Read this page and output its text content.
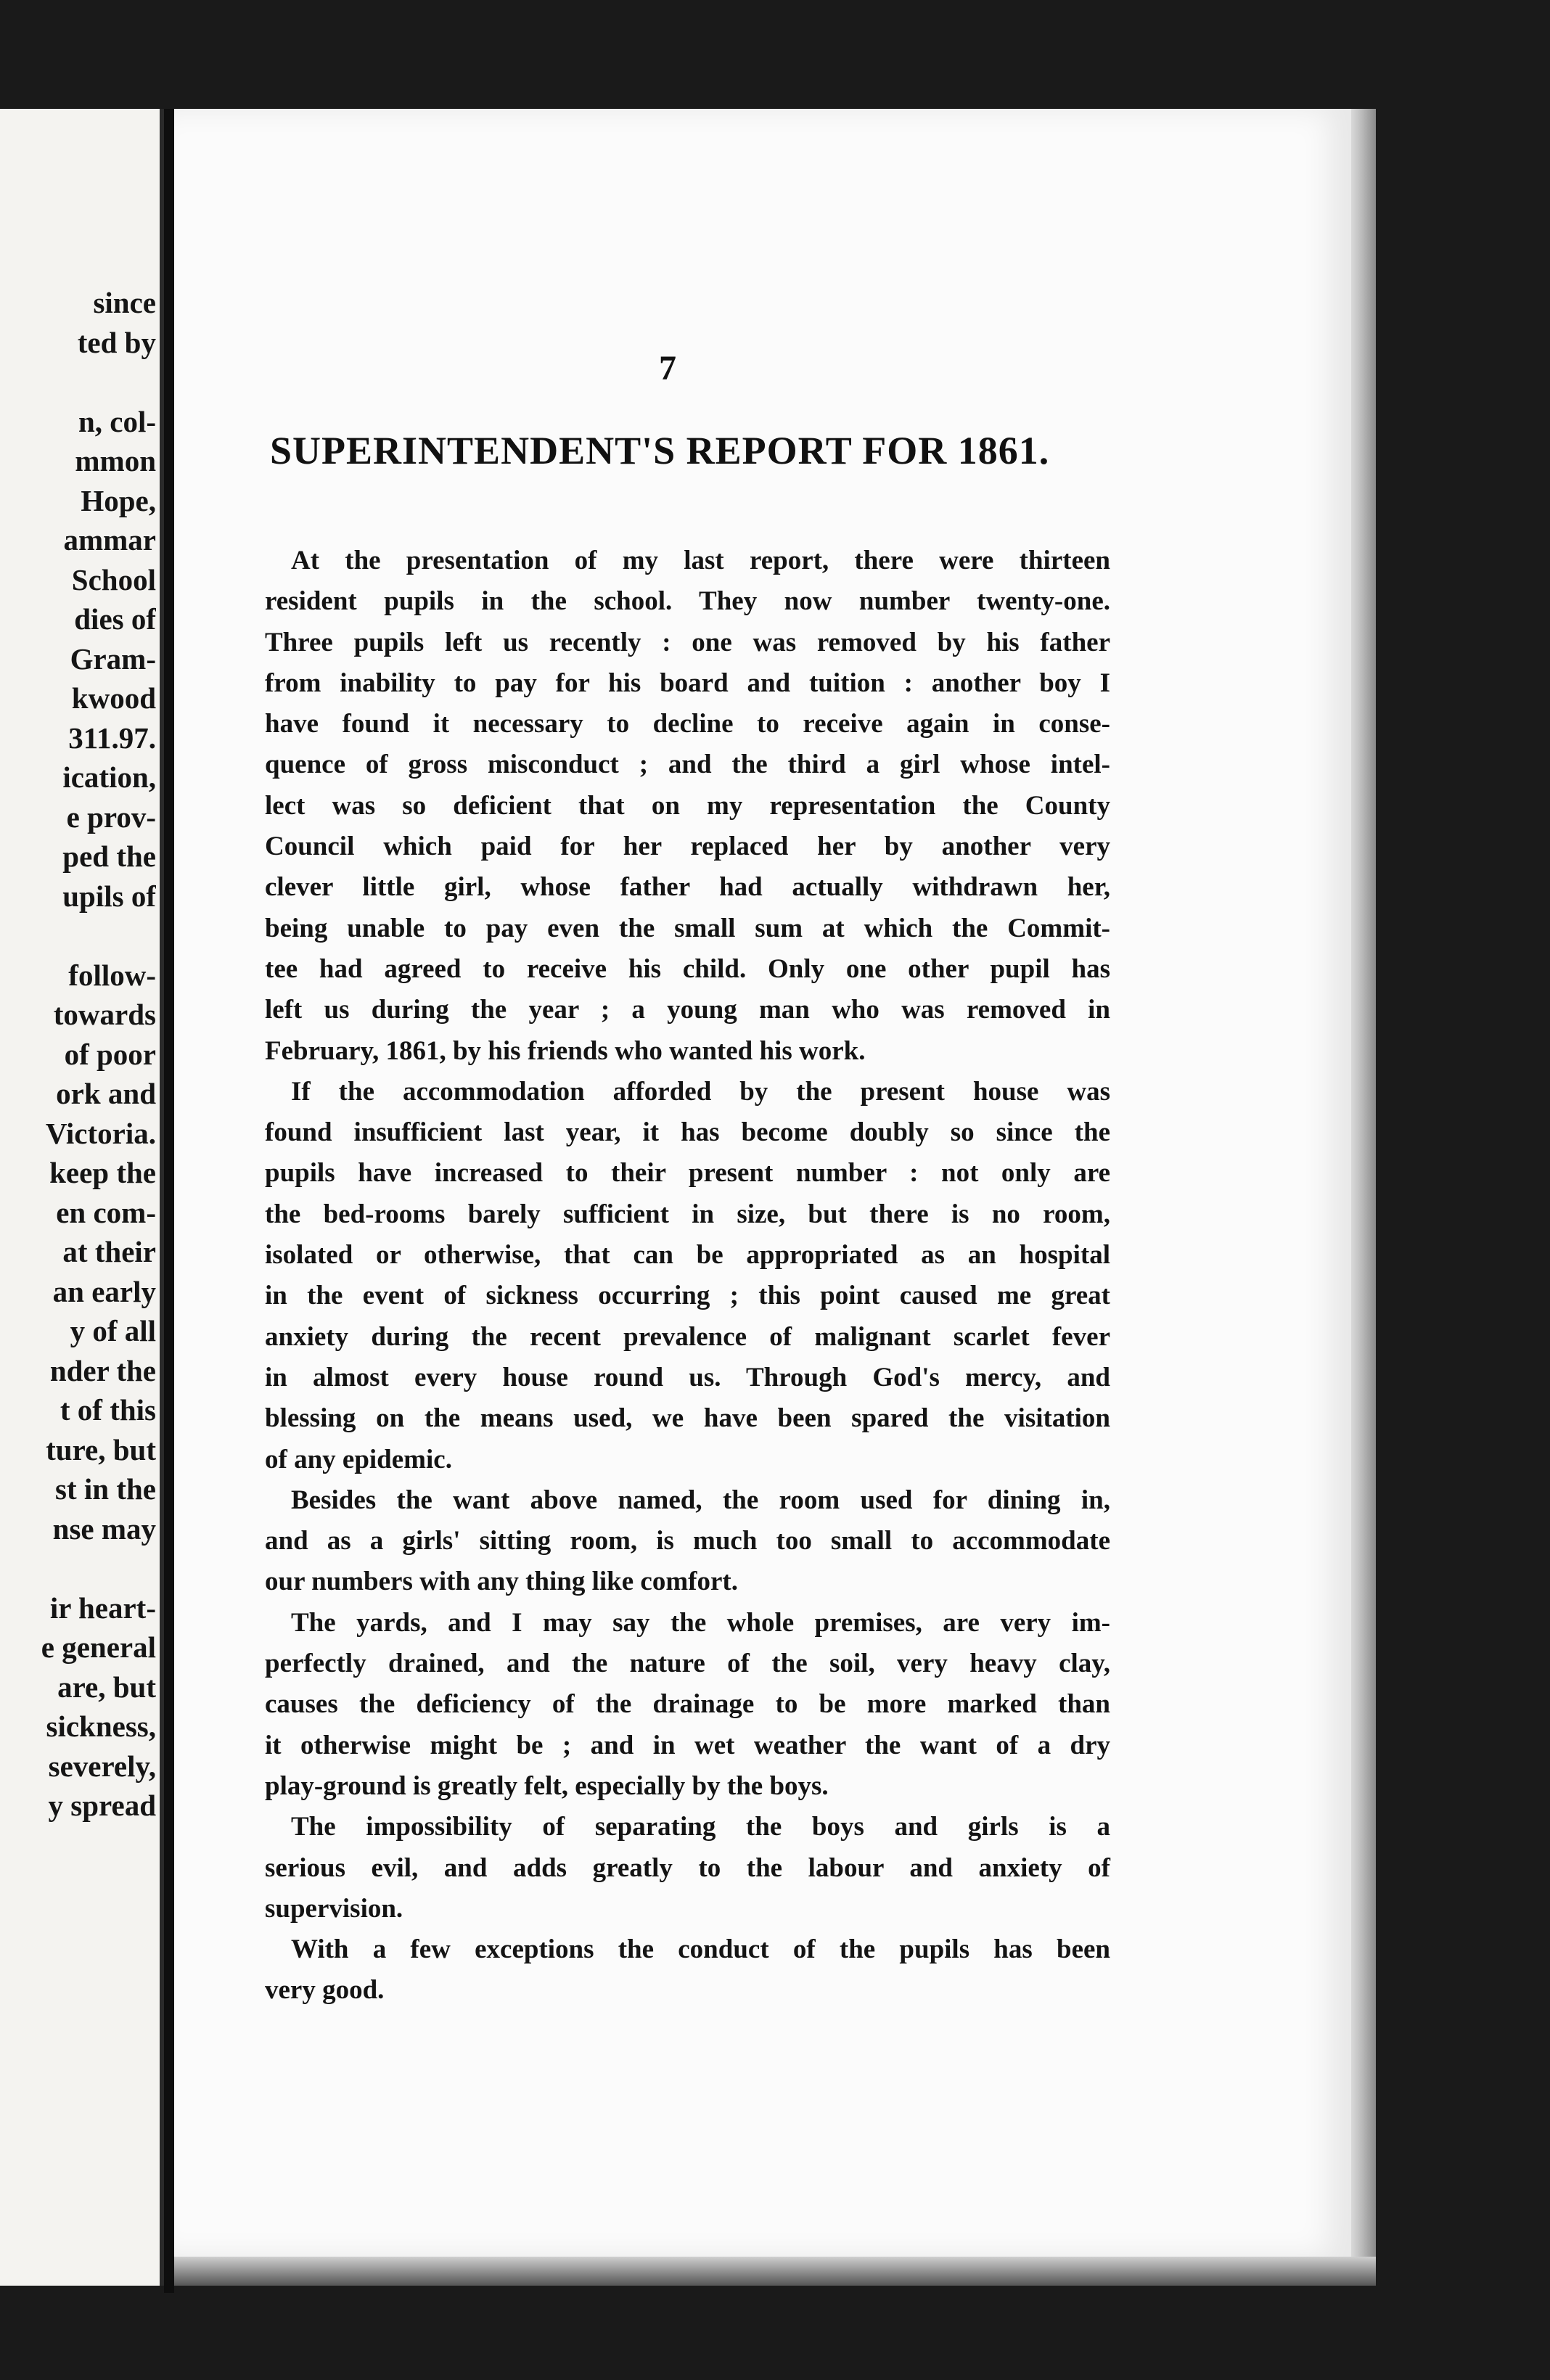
since
ted by

n, col-
mmon
Hope,
ammar
School
dies of
Gram-
kwood
311.97.
ication,
e prov-
ped the
upils of

follow-
towards
of poor
ork and
Victoria.
keep the
en com-
at their
an early
y of all
nder the
t of this
ture, but
st in the
nse may

ir heart-
e general
are, but
sickness,
severely,
y spread
7
SUPERINTENDENT'S REPORT FOR 1861.

At the presentation of my last report, there were thirteen
resident pupils in the school. They now number twenty-one.
Three pupils left us recently : one was removed by his father
from inability to pay for his board and tuition : another boy I
have found it necessary to decline to receive again in conse-
quence of gross misconduct ; and the third a girl whose intel-
lect was so deficient that on my representation the County
Council which paid for her replaced her by another very
clever little girl, whose father had actually withdrawn her,
being unable to pay even the small sum at which the Commit-
tee had agreed to receive his child. Only one other pupil has
left us during the year ; a young man who was removed in
February, 1861, by his friends who wanted his work.

If the accommodation afforded by the present house was
found insufficient last year, it has become doubly so since the
pupils have increased to their present number : not only are
the bed-rooms barely sufficient in size, but there is no room,
isolated or otherwise, that can be appropriated as an hospital
in the event of sickness occurring ; this point caused me great
anxiety during the recent prevalence of malignant scarlet fever
in almost every house round us. Through God's mercy, and
blessing on the means used, we have been spared the visitation
of any epidemic.

Besides the want above named, the room used for dining in,
and as a girls' sitting room, is much too small to accommodate
our numbers with any thing like comfort.

The yards, and I may say the whole premises, are very im-
perfectly drained, and the nature of the soil, very heavy clay,
causes the deficiency of the drainage to be more marked than
it otherwise might be ; and in wet weather the want of a dry
play-ground is greatly felt, especially by the boys.

The impossibility of separating the boys and girls is a
serious evil, and adds greatly to the labour and anxiety of
supervision.

With a few exceptions the conduct of the pupils has been
very good.
